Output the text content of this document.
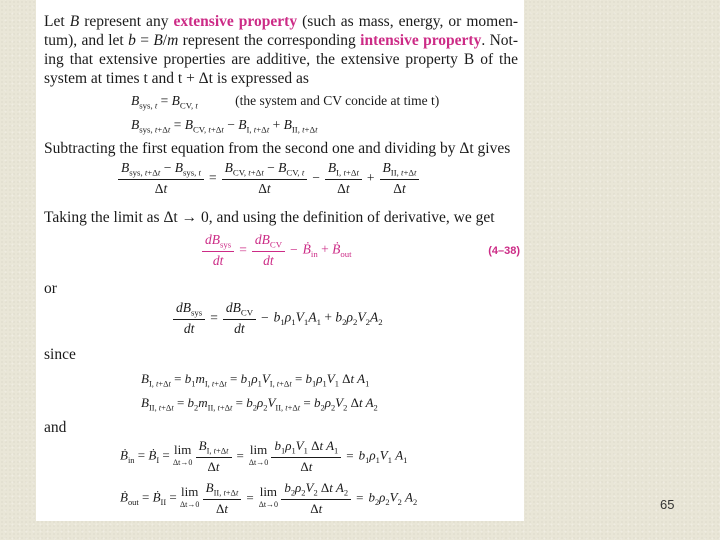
Let B represent any extensive property (such as mass, energy, or momen-
tum), and let b = B/m represent the corresponding intensive property. Not-
ing that extensive properties are additive, the extensive property B of the
system at times t and t + Δt is expressed as
$B_{sys, t} = B_{CV, t}$	(the system and CV concide at time t)
$B_{sys, t+\Delta t} = B_{CV, t+\Delta t} - B_{I, t+\Delta t} + B_{II, t+\Delta t}$
Subtracting the first equation from the second one and dividing by Δt gives
$\frac{B_{sys, t+\Delta t} - B_{sys, t}}{\Delta t} = \frac{B_{CV, t+\Delta t} - B_{CV, t}}{\Delta t} - \frac{B_{I, t+\Delta t}}{\Delta t} + \frac{B_{II, t+\Delta t}}{\Delta t}$
Taking the limit as Δt → 0, and using the definition of derivative, we get
$\frac{dB_{sys}}{dt} = \frac{dB_{CV}}{dt}$ − Ḃ$_{in}$ + Ḃ$_{out}$	(4–38)
or
$\frac{dB_{sys}}{dt} = \frac{dB_{CV}}{dt} - b_1\rho_1V_1A_1 + b_2\rho_2V_2A_2$
since
$B_{I, t+\Delta t} = b_1m_{I, t+\Delta t} = b_1\rho_1V_{I, t+\Delta t} = b_1\rho_1V_1$ Δt $A_1$
$B_{II, t+\Delta t} = b_2m_{II, t+\Delta t} = b_2\rho_2V_{II, t+\Delta t} = b_2\rho_2V_2$ Δt $A_2$
and
Ḃ$_{in}$ = Ḃ$_I$ = lim
Δt→0
$\frac{B_{I, t+\Delta t}}{\Delta t} = \lim$
Δt→0
$\frac{b_1\rho_1V_1 \Delta t A_1}{\Delta t} = b_1\rho_1V_1$ $A_1$
Ḃ$_{out}$ = Ḃ$_{II}$ = lim
Δt→0
$\frac{B_{II, t+\Delta t}}{\Delta t} = \lim$
Δt→0
$\frac{b_2\rho_2V_2 \Delta t A_2}{\Delta t} = b_2\rho_2V_2$ $A_2$	65
